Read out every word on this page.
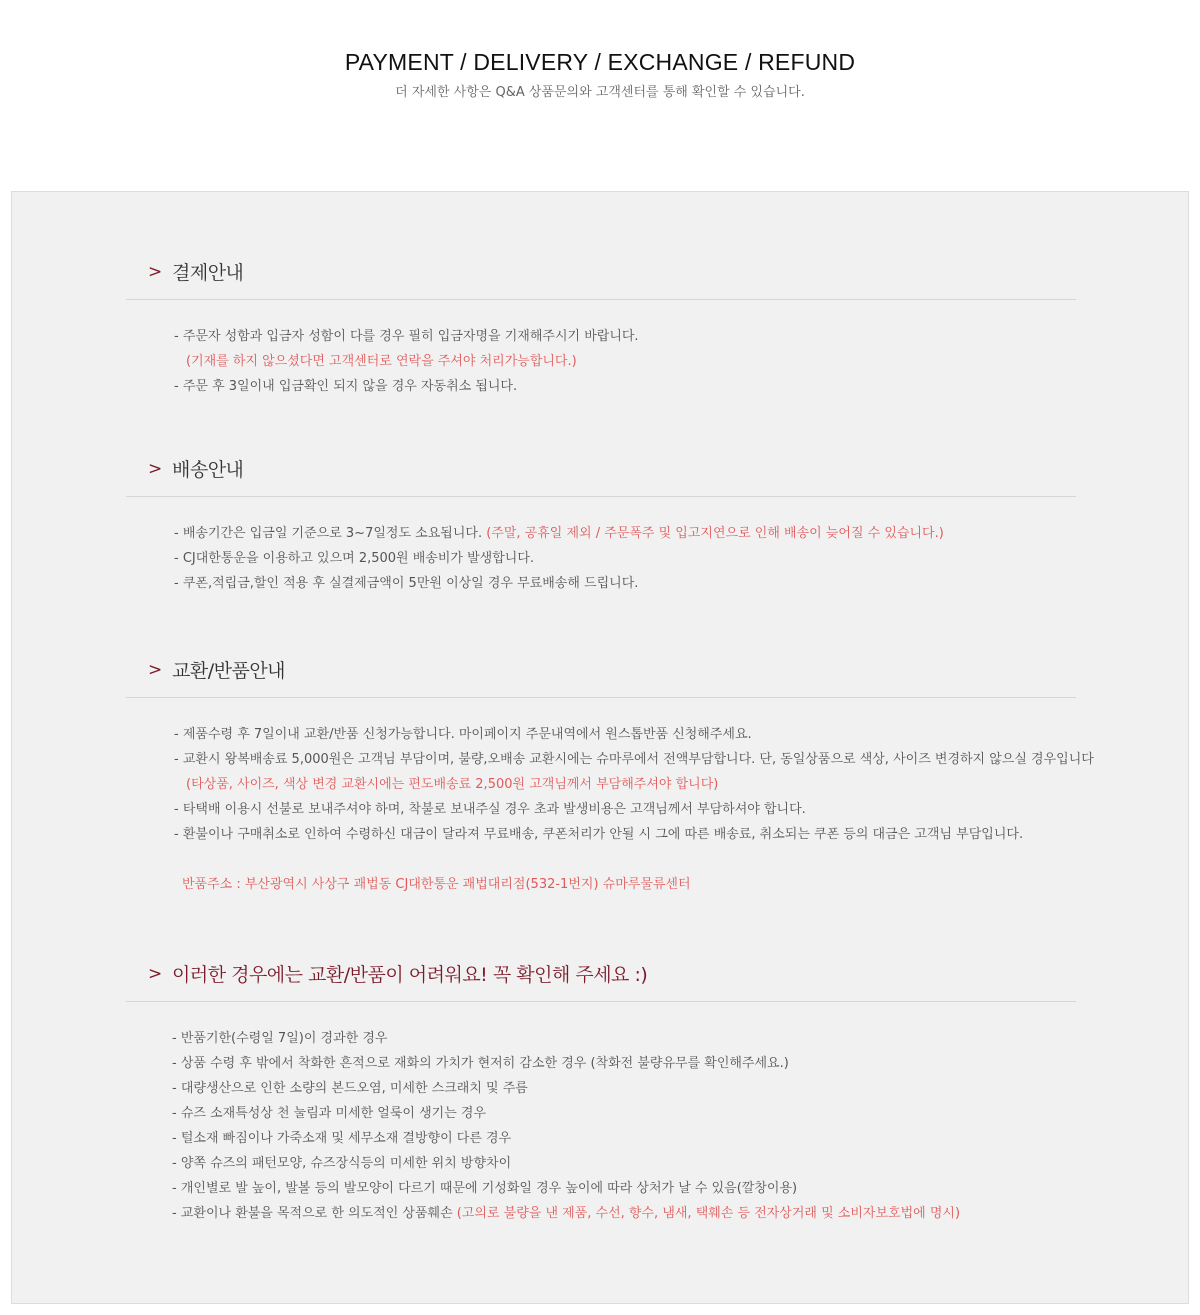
PAYMENT / DELIVERY / EXCHANGE / REFUND
더 자세한 사항은 Q&A 상품문의와 고객센터를 통해 확인할 수 있습니다.
> 결제안내
- 주문자 성함과 입금자 성함이 다를 경우 필히 입금자명을 기재해주시기 바랍니다.
(기재를 하지 않으셨다면 고객센터로 연락을 주셔야 처리가능합니다.)
- 주문 후 3일이내 입금확인 되지 않을 경우 자동취소 됩니다.
> 배송안내
- 배송기간은 입금일 기준으로 3~7일정도 소요됩니다. (주말, 공휴일 제외 / 주문폭주 및 입고지연으로 인해 배송이 늦어질 수 있습니다.)
- CJ대한통운을 이용하고 있으며 2,500원 배송비가 발생합니다.
- 쿠폰,적립금,할인 적용 후 실결제금액이 5만원 이상일 경우 무료배송해 드립니다.
> 교환/반품안내
- 제품수령 후 7일이내 교환/반품 신청가능합니다. 마이페이지 주문내역에서 원스톱반품 신청해주세요.
- 교환시 왕복배송료 5,000원은 고객님 부담이며, 불량,오배송 교환시에는 슈마루에서 전액부담합니다. 단, 동일상품으로 색상, 사이즈 변경하지 않으실 경우입니다
(타상품, 사이즈, 색상 변경 교환시에는 편도배송료 2,500원 고객님께서 부담해주셔야 합니다)
- 타택배 이용시 선불로 보내주셔야 하며, 착불로 보내주실 경우 초과 발생비용은 고객님께서 부담하셔야 합니다.
- 환불이나 구매취소로 인하여 수령하신 대금이 달라져 무료배송, 쿠폰처리가 안될 시 그에 따른 배송료, 취소되는 쿠폰 등의 대금은 고객님 부담입니다.
반품주소 : 부산광역시 사상구 괘법동 CJ대한통운 괘법대리점(532-1번지) 슈마루물류센터
> 이러한 경우에는 교환/반품이 어려워요! 꼭 확인해 주세요 :)
- 반품기한(수령일 7일)이 경과한 경우
- 상품 수령 후 밖에서 착화한 흔적으로 재화의 가치가 현저히 감소한 경우 (착화전 불량유무를 확인해주세요.)
- 대량생산으로 인한 소량의 본드오염, 미세한 스크래치 및 주름
- 슈즈 소재특성상 천 눌림과 미세한 얼룩이 생기는 경우
- 털소재 빠짐이나 가죽소재 및 세무소재 결방향이 다른 경우
- 양쪽 슈즈의 패턴모양, 슈즈장식등의 미세한 위치 방향차이
- 개인별로 발 높이, 발볼 등의 발모양이 다르기 때문에 기성화일 경우 높이에 따라 상처가 날 수 있음(깔창이용)
- 교환이나 환불을 목적으로 한 의도적인 상품훼손 (고의로 불량을 낸 제품, 수선, 향수, 냄새, 택훼손 등 전자상거래 및 소비자보호법에 명시)
